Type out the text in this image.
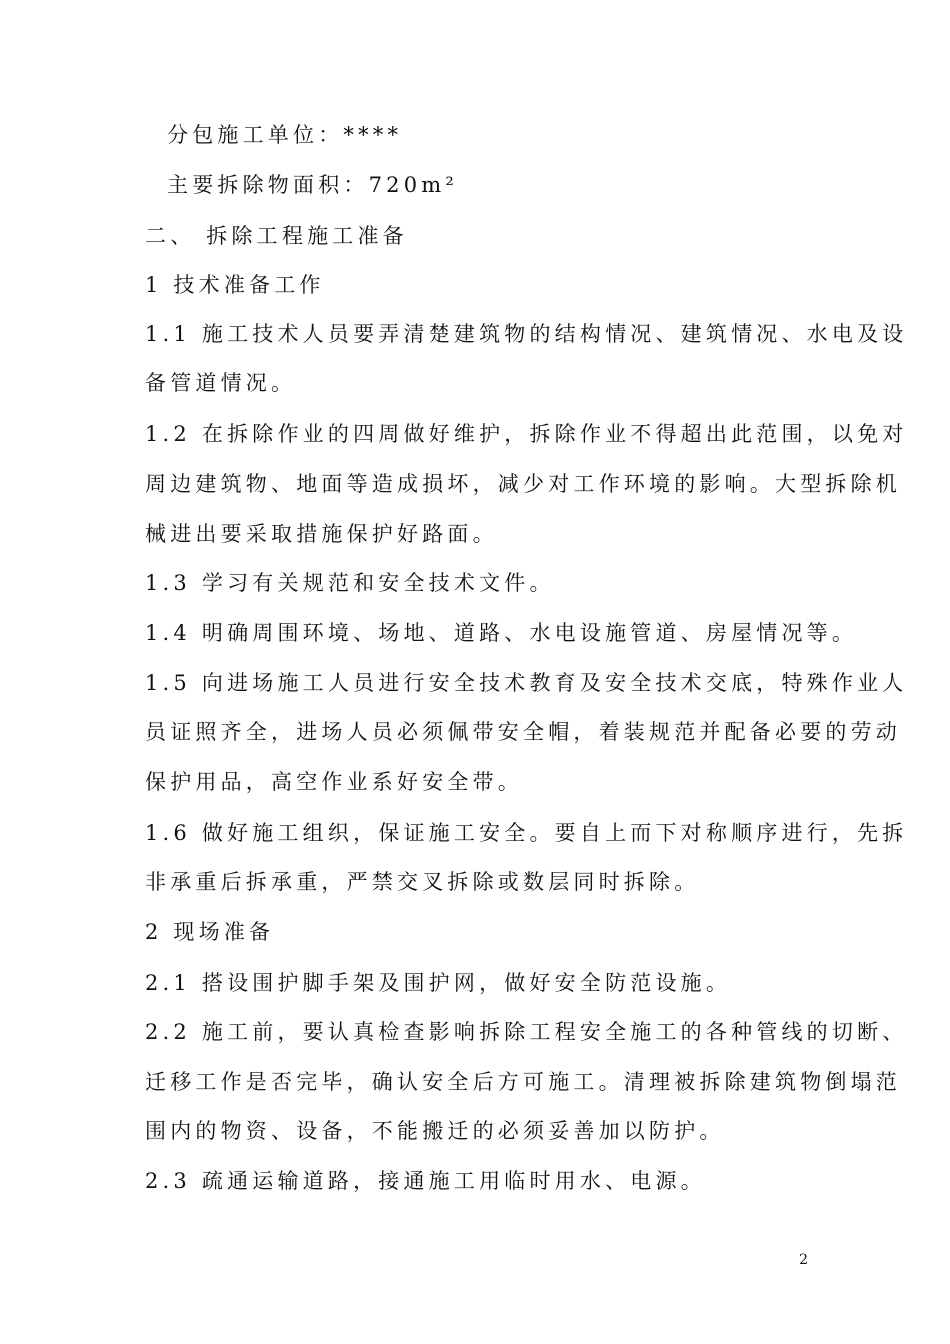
分包施工单位：****
主要拆除物面积：720m²
二、 拆除工程施工准备
1 技术准备工作
1.1 施工技术人员要弄清楚建筑物的结构情况、建筑情况、水电及设
备管道情况。
1.2 在拆除作业的四周做好维护，拆除作业不得超出此范围，以免对
周边建筑物、地面等造成损坏，减少对工作环境的影响。大型拆除机
械进出要采取措施保护好路面。
1.3 学习有关规范和安全技术文件。
1.4 明确周围环境、场地、道路、水电设施管道、房屋情况等。
1.5 向进场施工人员进行安全技术教育及安全技术交底，特殊作业人
员证照齐全，进场人员必须佩带安全帽，着装规范并配备必要的劳动
保护用品，高空作业系好安全带。
1.6 做好施工组织，保证施工安全。要自上而下对称顺序进行，先拆
非承重后拆承重，严禁交叉拆除或数层同时拆除。
2 现场准备
2.1 搭设围护脚手架及围护网，做好安全防范设施。
2.2 施工前，要认真检查影响拆除工程安全施工的各种管线的切断、
迁移工作是否完毕，确认安全后方可施工。清理被拆除建筑物倒塌范
围内的物资、设备，不能搬迁的必须妥善加以防护。
2.3 疏通运输道路，接通施工用临时用水、电源。
2
